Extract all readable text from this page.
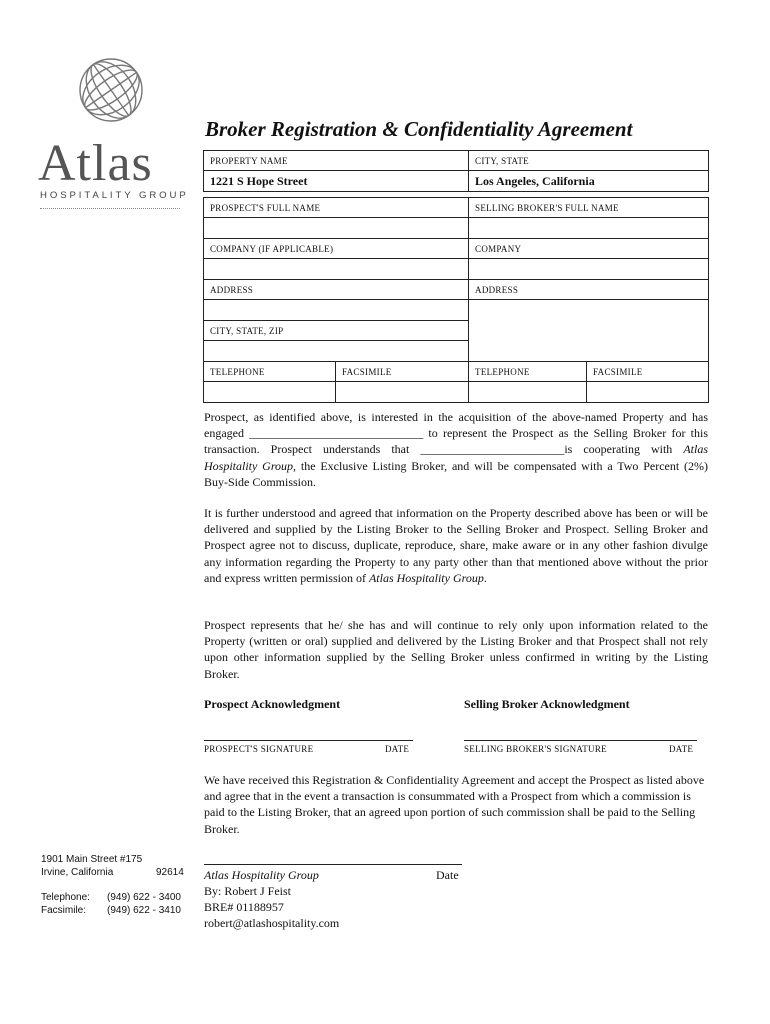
Atlas
HOSPITALITY GROUP
Broker Registration & Confidentiality Agreement
PROPERTY NAME		CITY, STATE	
1221 S Hope Street		Los Angeles, California	

PROSPECT'S FULL NAME		SELLING BROKER'S FULL NAME	

COMPANY (IF APPLICABLE)		COMPANY	

ADDRESS		ADDRESS	

CITY, STATE, ZIP			

TELEPHONE	FACSIMILE	TELEPHONE	FACSIMILE

Prospect, as identified above, is interested in the acquisition of the above-named Property and has engaged _____________________________ to represent the Prospect as the Selling Broker for this transaction. Prospect understands that ________________________is cooperating with Atlas Hospitality Group, the Exclusive Listing Broker, and will be compensated with a Two Percent (2%) Buy-Side Commission.
It is further understood and agreed that information on the Property described above has been or will be delivered and supplied by the Listing Broker to the Selling Broker and Prospect. Selling Broker and Prospect agree not to discuss, duplicate, reproduce, share, make aware or in any other fashion divulge any information regarding the Property to any party other than that mentioned above without the prior and express written permission of Atlas Hospitality Group.
Prospect represents that he/ she has and will continue to rely only upon information related to the Property (written or oral) supplied and delivered by the Listing Broker and that Prospect shall not rely upon other information supplied by the Selling Broker unless confirmed in writing by the Listing Broker.
Prospect Acknowledgment	Selling Broker Acknowledgment
PROSPECT'S SIGNATURE	DATE	SELLING BROKER'S SIGNATURE	DATE
We have received this Registration & Confidentiality Agreement and accept the Prospect as listed above and agree that in the event a transaction is consummated with a Prospect from which a commission is paid to the Listing Broker, that an agreed upon portion of such commission shall be paid to the Selling Broker.
1901 Main Street #175
Irvine, California	92614
Telephone: (949) 622 - 3400
Facsimile: (949) 622 - 3410
Atlas Hospitality Group	Date
By: Robert J Feist
BRE# 01188957
robert@atlashospitality.com
